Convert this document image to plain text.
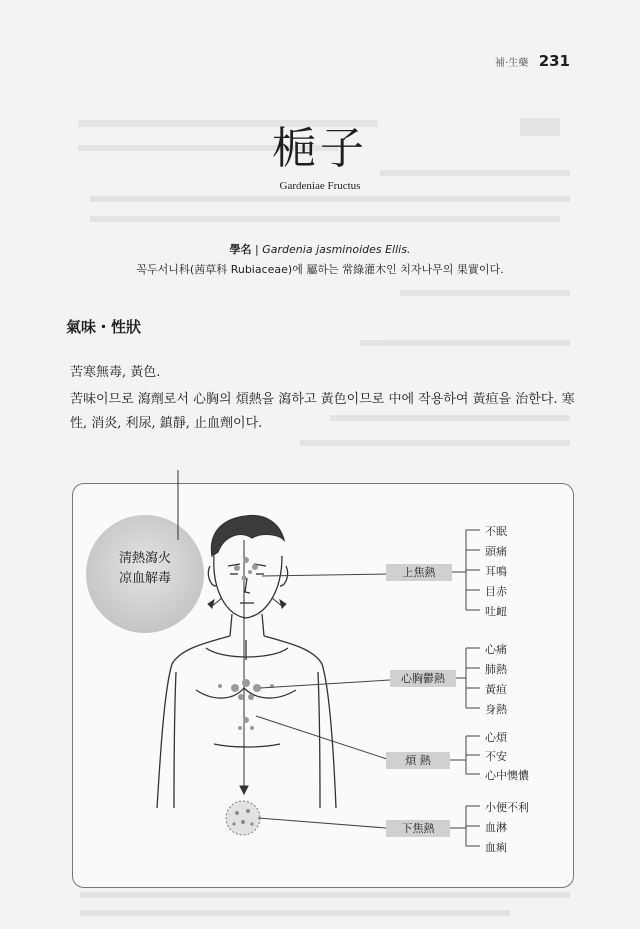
補·生藥 231
梔子
Gardeniae Fructus
學名 | Gardenia jasminoides Ellis.
꼭두서니科(茜草科 Rubiaceae)에 屬하는 常綠灌木인 치자나무의 果實이다.
氣味・性狀
苦寒無毒, 黃色.
苦味이므로 瀉劑로서 心胸의 煩熱을 瀉하고 黃色이므로 中에 작용하여 黃疸을 治한다. 寒性, 消炎, 利尿, 鎮靜, 止血劑이다.
淸熱瀉火
凉血解毒	上焦熱
心胸鬱熱
煩 熱
下焦熱
不眠
頭痛
耳鳴
目赤
吐衄
心痛
肺熱
黃疸
身熱
心煩
不安
心中懊憹
小便不利
血淋
血痢
